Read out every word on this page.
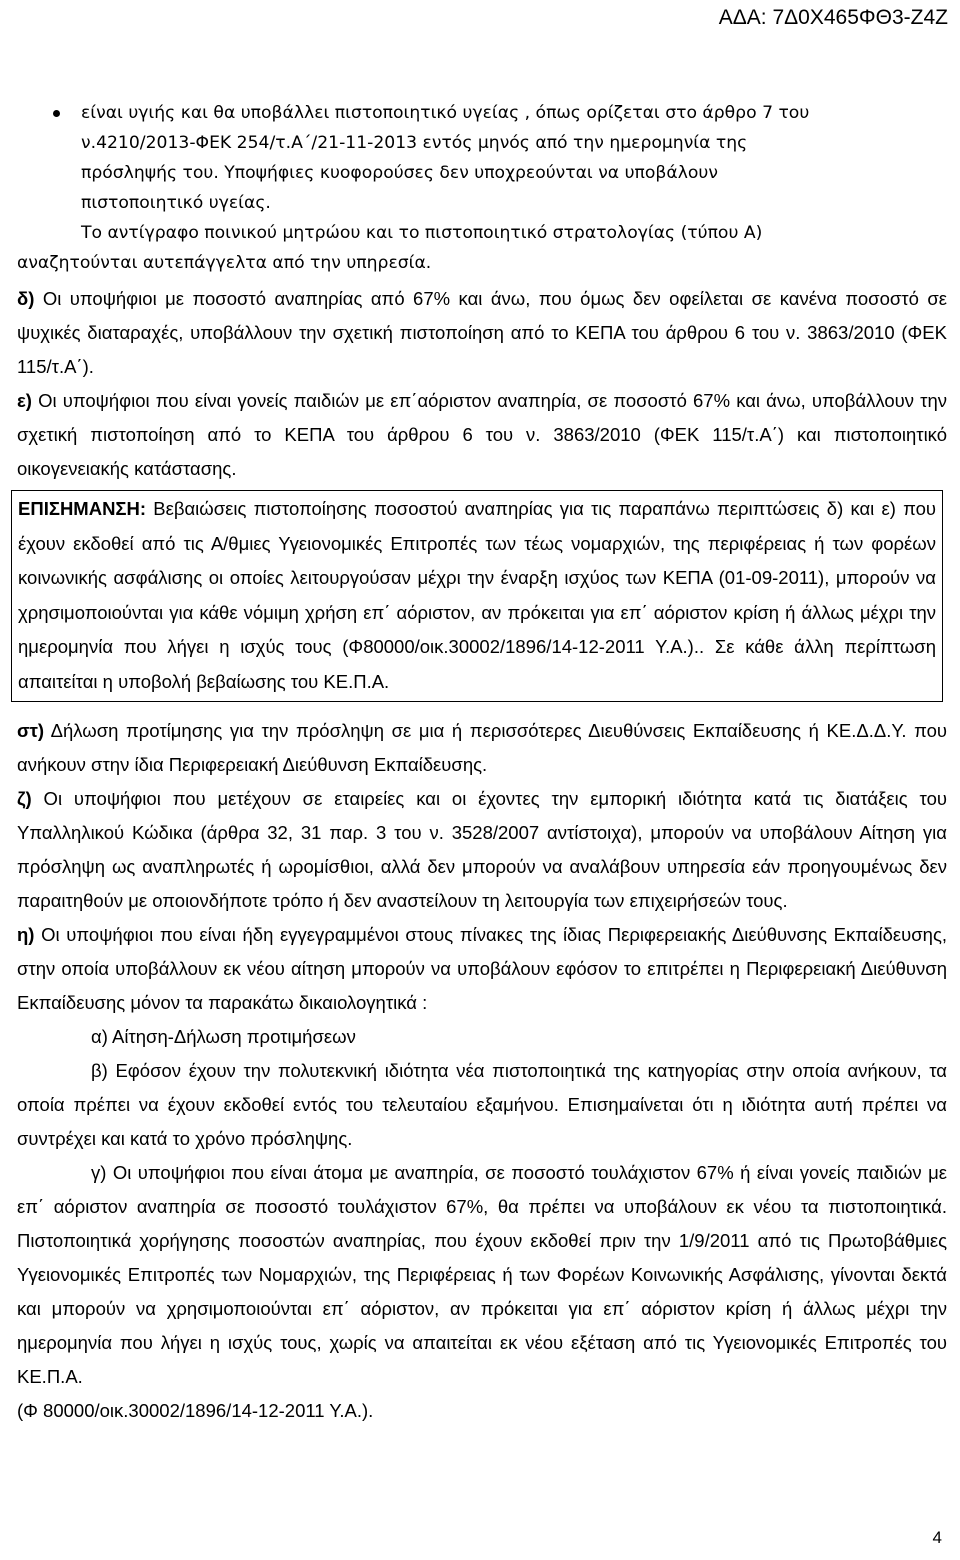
ΑΔΑ: 7Δ0Χ465ΦΘ3-Ζ4Ζ

είναι υγιής και θα υποβάλλει πιστοποιητικό υγείας , όπως ορίζεται στο άρθρο 7 του

ν.4210/2013-ΦΕΚ 254/τ.Α΄/21-11-2013 εντός μηνός από την ημερομηνία της

πρόσληψής του. Υποψήφιες κυοφορούσες δεν υποχρεούνται να υποβάλουν

πιστοποιητικό υγείας.

Το αντίγραφο ποινικού μητρώου και το πιστοποιητικό στρατολογίας (τύπου Α)

αναζητούνται αυτεπάγγελτα από την υπηρεσία.

δ) Οι υποψήφιοι με ποσοστό αναπηρίας από 67% και άνω, που όμως δεν οφείλεται σε κανένα ποσοστό σε ψυχικές διαταραχές, υποβάλλουν την σχετική πιστοποίηση από το ΚΕΠΑ του άρθρου 6 του ν. 3863/2010 (ΦΕΚ 115/τ.Α΄).

ε) Οι υποψήφιοι που είναι γονείς παιδιών με επ΄αόριστον αναπηρία, σε ποσοστό 67% και άνω, υποβάλλουν την σχετική πιστοποίηση από το ΚΕΠΑ του άρθρου 6 του ν. 3863/2010 (ΦΕΚ 115/τ.Α΄) και πιστοποιητικό οικογενειακής κατάστασης.

ΕΠΙΣΗΜΑΝΣΗ: Βεβαιώσεις πιστοποίησης ποσοστού αναπηρίας για τις παραπάνω περιπτώσεις δ) και ε) που έχουν εκδοθεί από τις Α/θμιες Υγειονομικές Επιτροπές των τέως νομαρχιών, της περιφέρειας ή των φορέων κοινωνικής ασφάλισης οι οποίες λειτουργούσαν μέχρι την έναρξη ισχύος των ΚΕΠΑ (01-09-2011), μπορούν να χρησιμοποιούνται για κάθε νόμιμη χρήση επ΄ αόριστον, αν πρόκειται για επ΄ αόριστον κρίση ή άλλως μέχρι την ημερομηνία που λήγει η ισχύς τους (Φ80000/οικ.30002/1896/14-12-2011 Υ.Α.).. Σε κάθε άλλη περίπτωση απαιτείται η υποβολή βεβαίωσης του ΚΕ.Π.Α.

στ) Δήλωση προτίμησης για την πρόσληψη σε μια ή περισσότερες Διευθύνσεις Εκπαίδευσης ή ΚΕ.Δ.Δ.Υ. που ανήκουν στην ίδια Περιφερειακή Διεύθυνση Εκπαίδευσης.

ζ) Οι υποψήφιοι που μετέχουν σε εταιρείες και οι έχοντες την εμπορική ιδιότητα κατά τις διατάξεις του Υπαλληλικού Κώδικα (άρθρα 32, 31 παρ. 3 του ν. 3528/2007 αντίστοιχα), μπορούν να υποβάλουν Αίτηση για πρόσληψη ως αναπληρωτές ή ωρομίσθιοι, αλλά δεν μπορούν να αναλάβουν υπηρεσία εάν προηγουμένως δεν παραιτηθούν με οποιονδήποτε τρόπο ή δεν αναστείλουν τη λειτουργία των επιχειρήσεών τους.

η) Οι υποψήφιοι που είναι ήδη εγγεγραμμένοι στους πίνακες της ίδιας Περιφερειακής Διεύθυνσης Εκπαίδευσης, στην οποία υποβάλλουν εκ νέου αίτηση μπορούν να υποβάλουν εφόσον το επιτρέπει η Περιφερειακή Διεύθυνση Εκπαίδευσης μόνον τα παρακάτω δικαιολογητικά :

α) Αίτηση-Δήλωση προτιμήσεων

β) Εφόσον έχουν την πολυτεκνική ιδιότητα νέα πιστοποιητικά της κατηγορίας στην οποία ανήκουν, τα οποία πρέπει να έχουν εκδοθεί εντός του τελευταίου εξαμήνου. Επισημαίνεται ότι η ιδιότητα αυτή πρέπει να συντρέχει και κατά το χρόνο πρόσληψης.

γ) Οι υποψήφιοι που είναι άτομα με αναπηρία, σε ποσοστό τουλάχιστον 67% ή είναι γονείς παιδιών με επ΄ αόριστον αναπηρία σε ποσοστό τουλάχιστον 67%, θα πρέπει να υποβάλουν εκ νέου τα πιστοποιητικά. Πιστοποιητικά χορήγησης ποσοστών αναπηρίας, που έχουν εκδοθεί πριν την 1/9/2011 από τις Πρωτοβάθμιες Υγειονομικές Επιτροπές των Νομαρχιών, της Περιφέρειας ή των Φορέων Κοινωνικής Ασφάλισης, γίνονται δεκτά και μπορούν να χρησιμοποιούνται επ΄ αόριστον, αν πρόκειται για επ΄ αόριστον κρίση ή άλλως μέχρι την ημερομηνία που λήγει η ισχύς τους, χωρίς να απαιτείται εκ νέου εξέταση από τις Υγειονομικές Επιτροπές του ΚΕ.Π.Α.

(Φ 80000/οικ.30002/1896/14-12-2011 Υ.Α.).

4
